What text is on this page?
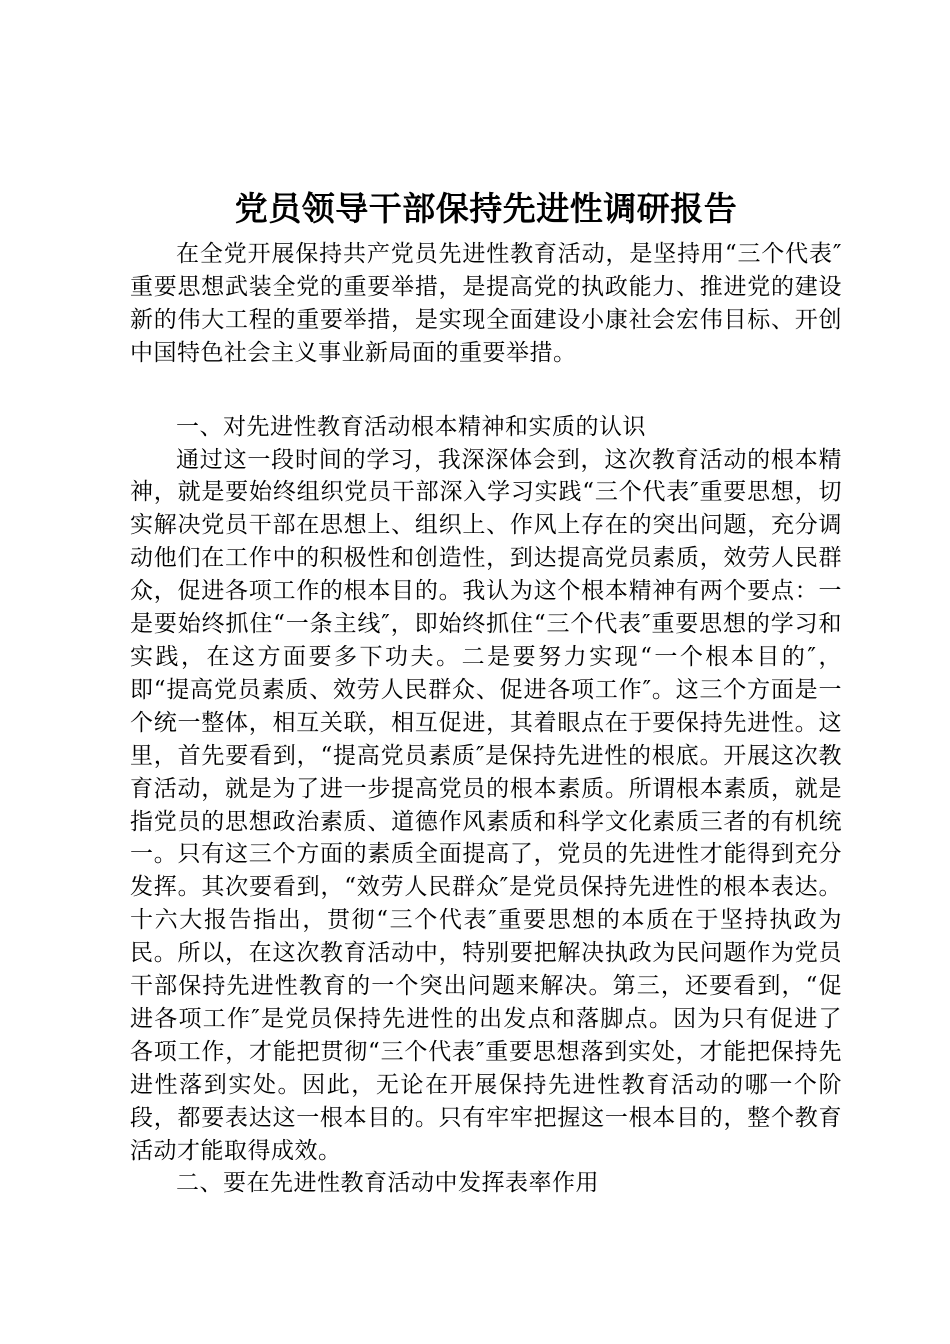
党员领导干部保持先进性调研报告

在全党开展保持共产党员先进性教育活动，是坚持用“三个代表″重要思想武装全党的重要举措，是提高党的执政能力、推进党的建设新的伟大工程的重要举措，是实现全面建设小康社会宏伟目标、开创中国特色社会主义事业新局面的重要举措。

一、对先进性教育活动根本精神和实质的认识

通过这一段时间的学习，我深深体会到，这次教育活动的根本精神，就是要始终组织党员干部深入学习实践“三个代表″重要思想，切实解决党员干部在思想上、组织上、作风上存在的突出问题，充分调动他们在工作中的积极性和创造性，到达提高党员素质，效劳人民群众，促进各项工作的根本目的。我认为这个根本精神有两个要点：一是要始终抓住“一条主线″，即始终抓住“三个代表″重要思想的学习和实践，在这方面要多下功夫。二是要努力实现“一个根本目的″，即“提高党员素质、效劳人民群众、促进各项工作″。这三个方面是一个统一整体，相互关联，相互促进，其着眼点在于要保持先进性。这里，首先要看到，“提高党员素质″是保持先进性的根底。开展这次教育活动，就是为了进一步提高党员的根本素质。所谓根本素质，就是指党员的思想政治素质、道德作风素质和科学文化素质三者的有机统一。只有这三个方面的素质全面提高了，党员的先进性才能得到充分发挥。其次要看到，“效劳人民群众″是党员保持先进性的根本表达。十六大报告指出，贯彻“三个代表″重要思想的本质在于坚持执政为民。所以，在这次教育活动中，特别要把解决执政为民问题作为党员干部保持先进性教育的一个突出问题来解决。第三，还要看到，“促进各项工作″是党员保持先进性的出发点和落脚点。因为只有促进了各项工作，才能把贯彻“三个代表″重要思想落到实处，才能把保持先进性落到实处。因此，无论在开展保持先进性教育活动的哪一个阶段，都要表达这一根本目的。只有牢牢把握这一根本目的，整个教育活动才能取得成效。

二、要在先进性教育活动中发挥表率作用
